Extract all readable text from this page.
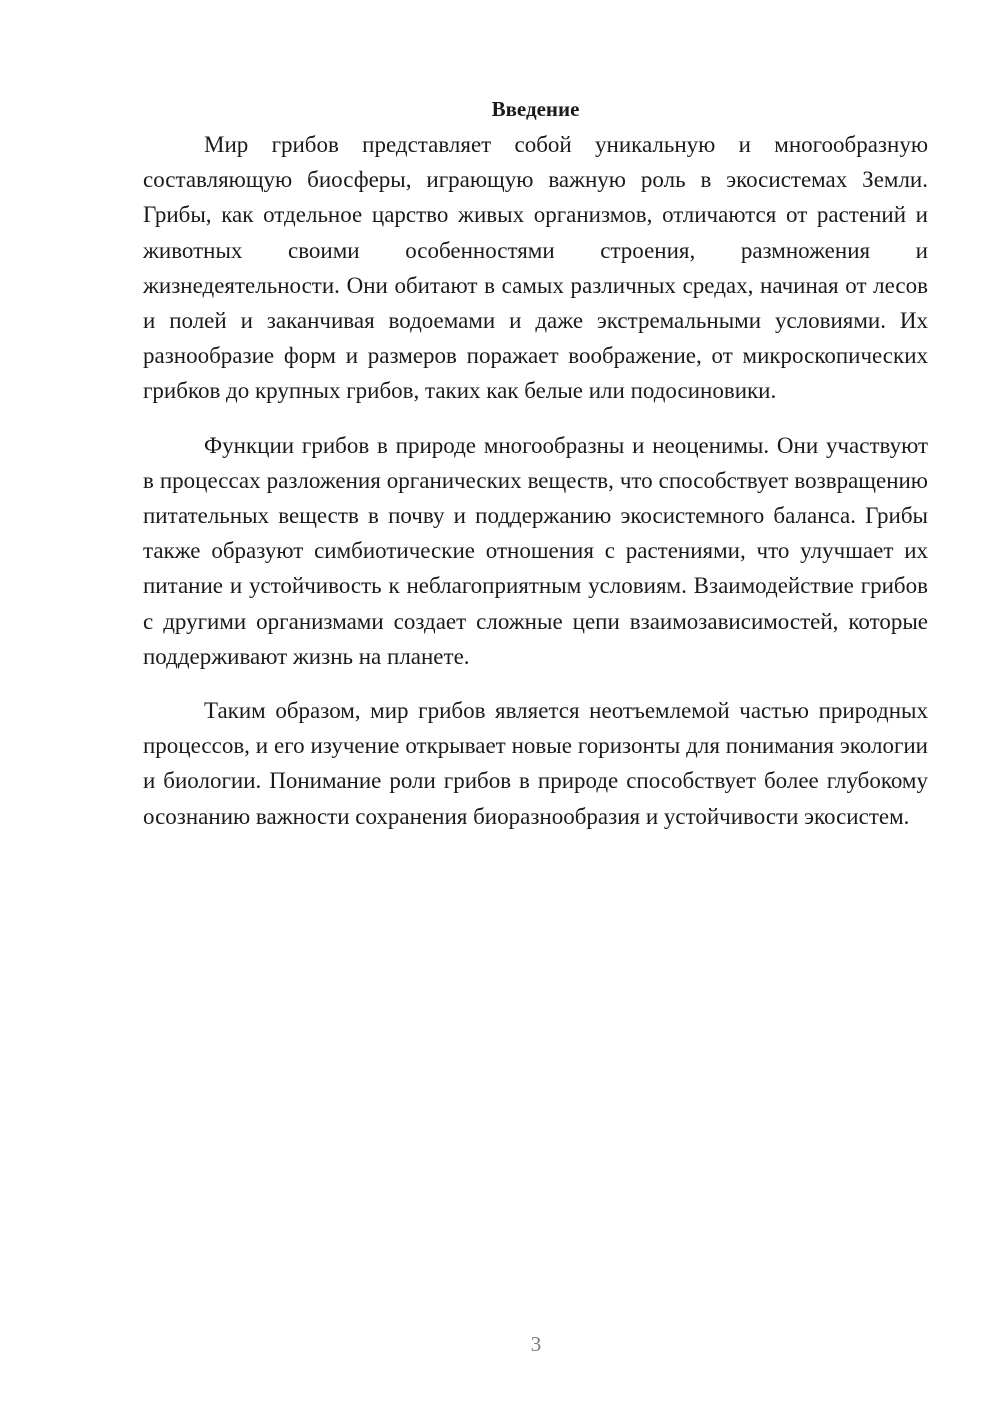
Введение

Мир грибов представляет собой уникальную и многообразную составляющую биосферы, играющую важную роль в экосистемах Земли. Грибы, как отдельное царство живых организмов, отличаются от растений и животных своими особенностями строения, размножения и жизнедеятельности. Они обитают в самых различных средах, начиная от лесов и полей и заканчивая водоемами и даже экстремальными условиями. Их разнообразие форм и размеров поражает воображение, от микроскопических грибков до крупных грибов, таких как белые или подосиновики.

Функции грибов в природе многообразны и неоценимы. Они участвуют в процессах разложения органических веществ, что способствует возвращению питательных веществ в почву и поддержанию экосистемного баланса. Грибы также образуют симбиотические отношения с растениями, что улучшает их питание и устойчивость к неблагоприятным условиям. Взаимодействие грибов с другими организмами создает сложные цепи взаимозависимостей, которые поддерживают жизнь на планете.

Таким образом, мир грибов является неотъемлемой частью природных процессов, и его изучение открывает новые горизонты для понимания экологии и биологии. Понимание роли грибов в природе способствует более глубокому осознанию важности сохранения биоразнообразия и устойчивости экосистем.

3
